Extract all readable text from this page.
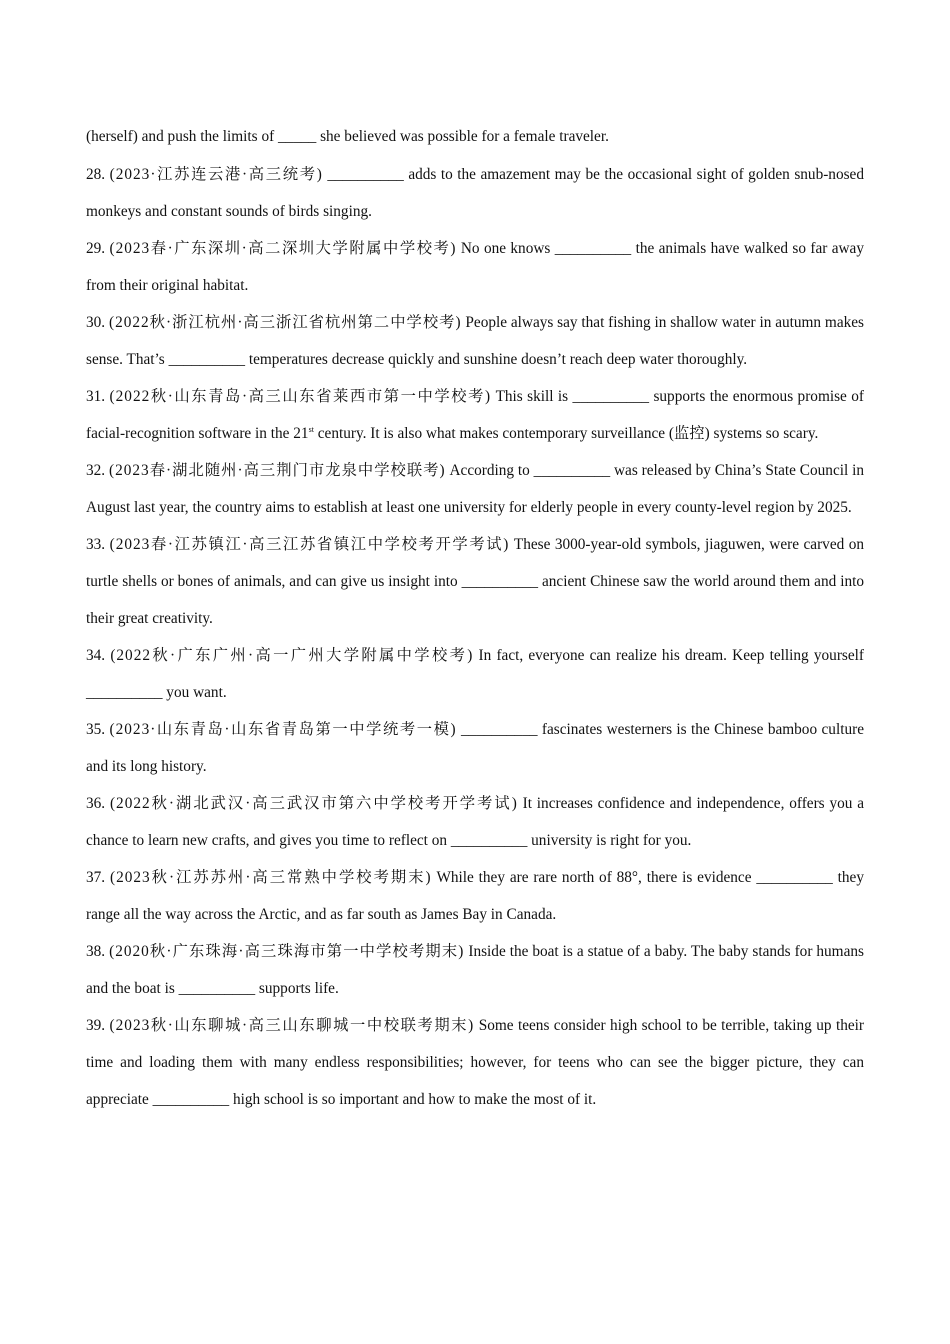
(herself) and push the limits of _____ she believed was possible for a female traveler.

28. (2023·江苏连云港·高三统考) __________ adds to the amazement may be the occasional sight of golden snub-nosed monkeys and constant sounds of birds singing.

29. (2023春·广东深圳·高二深圳大学附属中学校考) No one knows __________ the animals have walked so far away from their original habitat.

30. (2022秋·浙江杭州·高三浙江省杭州第二中学校考) People always say that fishing in shallow water in autumn makes sense. That’s __________ temperatures decrease quickly and sunshine doesn’t reach deep water thoroughly.

31. (2022秋·山东青岛·高三山东省莱西市第一中学校考) This skill is __________ supports the enormous promise of facial-recognition software in the 21st century. It is also what makes contemporary surveillance (监控) systems so scary.

32. (2023春·湖北随州·高三荆门市龙泉中学校联考) According to __________ was released by China’s State Council in August last year, the country aims to establish at least one university for elderly people in every county-level region by 2025.

33. (2023春·江苏镇江·高三江苏省镇江中学校考开学考试) These 3000-year-old symbols, jiaguwen, were carved on turtle shells or bones of animals, and can give us insight into __________ ancient Chinese saw the world around them and into their great creativity.

34. (2022秋·广东广州·高一广州大学附属中学校考) In fact, everyone can realize his dream. Keep telling yourself __________ you want.

35. (2023·山东青岛·山东省青岛第一中学统考一模) __________ fascinates westerners is the Chinese bamboo culture and its long history.

36. (2022秋·湖北武汉·高三武汉市第六中学校考开学考试) It increases confidence and independence, offers you a chance to learn new crafts, and gives you time to reflect on __________ university is right for you.

37. (2023秋·江苏苏州·高三常熟中学校考期末) While they are rare north of 88°, there is evidence __________ they range all the way across the Arctic, and as far south as James Bay in Canada.

38. (2020秋·广东珠海·高三珠海市第一中学校考期末) Inside the boat is a statue of a baby. The baby stands for humans and the boat is __________ supports life.

39. (2023秋·山东聊城·高三山东聊城一中校联考期末) Some teens consider high school to be terrible, taking up their time and loading them with many endless responsibilities; however, for teens who can see the bigger picture, they can appreciate __________ high school is so important and how to make the most of it.
